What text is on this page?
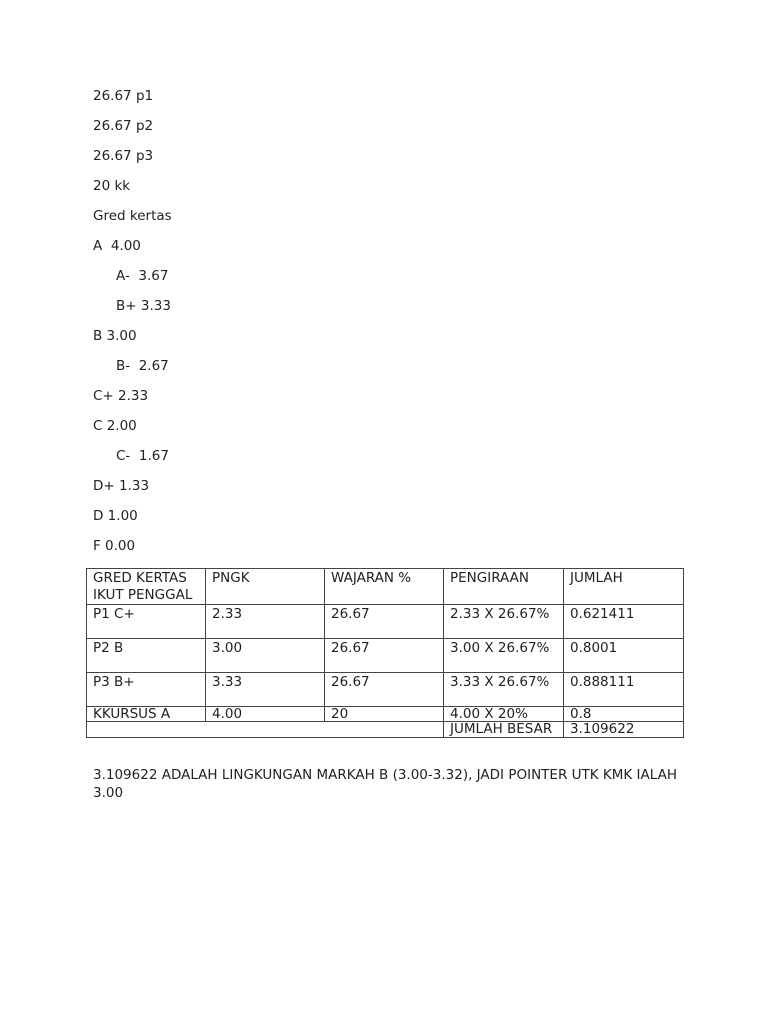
26.67 p1
26.67 p2
26.67 p3
20 kk
Gred kertas
A  4.00
A-  3.67
B+ 3.33
B 3.00
B-  2.67
C+ 2.33
C 2.00
C-  1.67
D+ 1.33
D 1.00
F 0.00
GRED KERTAS
IKUT PENGGAL	PNGK	WAJARAN %	PENGIRAAN	JUMLAH
P1 C+	2.33	26.67	2.33 X 26.67%	0.621411
P2 B	3.00	26.67	3.00 X 26.67%	0.8001
P3 B+	3.33	26.67	3.33 X 26.67%	0.888111
KKURSUS A	4.00	20	4.00 X 20%	0.8
			JUMLAH BESAR	3.109622
3.109622 ADALAH LINGKUNGAN MARKAH B (3.00-3.32), JADI POINTER UTK KMK IALAH 3.00
